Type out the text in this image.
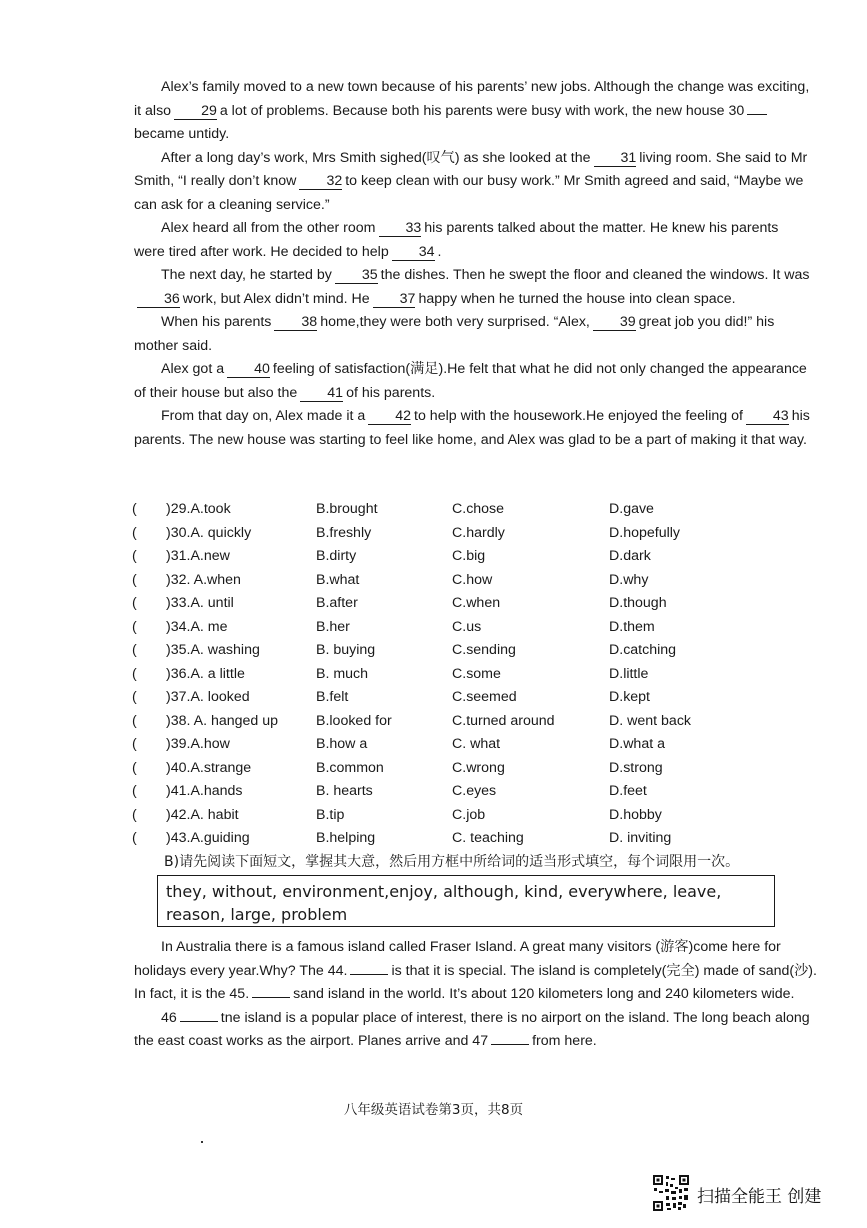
Alex’s family moved to a new town because of his parents’ new jobs. Although the change was exciting, it also 29 a lot of problems. Because both his parents were busy with work, the new house 30became untidy.

After a long day’s work, Mrs Smith sighed(叹气) as she looked at the 31 living room. She said to Mr Smith, “I really don’t know 32 to keep clean with our busy work.” Mr Smith agreed and said, “Maybe we can ask for a cleaning service.”

Alex heard all from the other room 33 his parents talked about the matter. He knew his parents were tired after work. He decided to help 34 .

The next day, he started by 35 the dishes. Then he swept the floor and cleaned the windows. It was36 work, but Alex didn’t mind. He 37 happy when he turned the house into clean space.

When his parents 38 home,they were both very surprised. “Alex, 39 great job you did!” his mother said.

Alex got a 40 feeling of satisfaction(满足).He felt that what he did not only changed the appearance of their house but also the 41 of his parents.

From that day on, Alex made it a 42 to help with the housework.He enjoyed the feeling of 43 his parents. The new house was starting to feel like home, and Alex was glad to be a part of making it that way.

( )29.A.took	B.brought	C.chose	D.gave
( )30.A. quickly	B.freshly	C.hardly	D.hopefully
( )31.A.new	B.dirty	C.big	D.dark
( )32. A.when	B.what	C.how	D.why
( )33.A. until	B.after	C.when	D.though
( )34.A. me	B.her	C.us	D.them
( )35.A. washing	B. buying	C.sending	D.catching
( )36.A. a little	B. much	C.some	D.little
( )37.A. looked	B.felt	C.seemed	D.kept
( )38. A. hanged up	B.looked for	C.turned around	D. went back
( )39.A.how	B.how a	C. what	D.what a
( )40.A.strange	B.common	C.wrong	D.strong
( )41.A.hands	B. hearts	C.eyes	D.feet
( )42.A. habit	B.tip	C.job	D.hobby
( )43.A.guiding	B.helping	C. teaching	D. inviting
B)请先阅读下面短文，掌握其大意，然后用方框中所给词的适当形式填空，每个词限用一次。
they, without, environment,enjoy, although, kind, everywhere, leave, reason, large, problem

In Australia there is a famous island called Fraser Island. A great many visitors (游客)come here for holidays every year.Why? The 44.	is that it is special. The island is completely(完全) made of sand(沙). In fact, it is the 45.	sand island in the world. It’s about 120 kilometers long and 240 kilometers wide.

46	tne island is a popular place of interest, there is no airport on the island. The long beach along the east coast works as the airport. Planes arrive and 47	from here.

八年级英语试卷第3页，共8页
扫描全能王 创建
